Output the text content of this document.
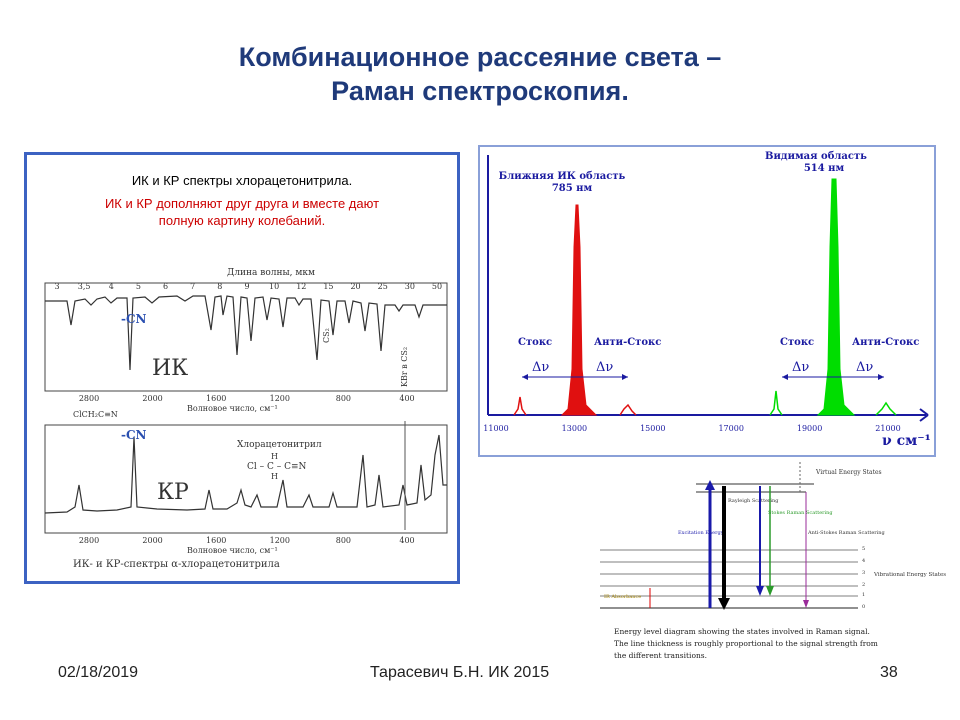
Комбинационное рассеяние света –
Раман спектроскопия.
ИК и КР спектры хлорацетонитрила.
ИК и КР дополняют друг друга и вместе дают
полную картину колебаний.
Длина волны, мкм
3 3,5 4	5	6	7	8	9 10 12 15 20 25 30 50
-CN
ИК
CS₂
KBr в CS₂
2800	2000	1600	1200	800	400
Волновое число, см⁻¹
ClCH₂C≡N
-CN
Хлорацетонитрил
H
Cl – C – C≡N
H
КР
2800	2000	1600	1200	800	400
Волновое число, см⁻¹
ИК- и КР-спектры α-хлорацетонитрила
Ближняя ИК область
785 нм
Видимая область
514 нм
Стокс	Анти-Стокс
Δν	Δν
Стокс	Анти-Стокс
Δν	Δν
11000	13000	15000	17000	19000	21000
ν см⁻¹
Virtual Energy States
0
1
2
3
4
5
Vibrational Energy States
IR Absorbance
Excitation Energy
Rayleigh Scattering
Stokes Raman Scattering
Anti-Stokes Raman Scattering
Energy level diagram showing the states involved in Raman signal.
The line thickness is roughly proportional to the signal strength from
the different transitions.
02/18/2019	Тарасевич Б.Н. ИК 2015	38
